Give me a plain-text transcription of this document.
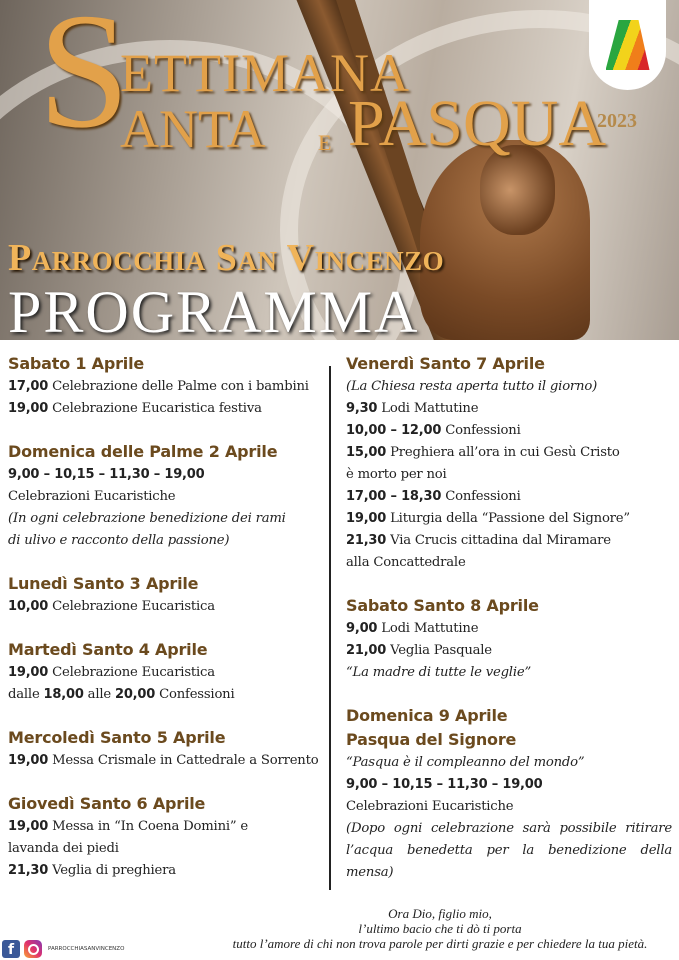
S
ETTIMANA
ANTA E PASQUA
2023
Parrocchia San Vincenzo
PROGRAMMA
Sabato 1 Aprile
17,00 Celebrazione delle Palme con i bambini
19,00 Celebrazione Eucaristica festiva
Domenica delle Palme 2 Aprile
9,00 – 10,15 – 11,30 – 19,00
Celebrazioni Eucaristiche
(In ogni celebrazione benedizione dei rami
di ulivo e racconto della passione)
Lunedì Santo 3 Aprile
10,00 Celebrazione Eucaristica
Martedì Santo 4 Aprile
19,00 Celebrazione Eucaristica
dalle 18,00 alle 20,00 Confessioni
Mercoledì Santo 5 Aprile
19,00 Messa Crismale in Cattedrale a Sorrento
Giovedì Santo 6 Aprile
19,00 Messa in “In Coena Domini” e
lavanda dei piedi
21,30 Veglia di preghiera
Venerdì Santo 7 Aprile
(La Chiesa resta aperta tutto il giorno)
9,30 Lodi Mattutine
10,00 – 12,00 Confessioni
15,00 Preghiera all’ora in cui Gesù Cristo
è morto per noi
17,00 – 18,30 Confessioni
19,00 Liturgia della “Passione del Signore”
21,30 Via Crucis cittadina dal Miramare
alla Concattedrale
Sabato Santo 8 Aprile
9,00 Lodi Mattutine
21,00 Veglia Pasquale
“La madre di tutte le veglie”
Domenica 9 Aprile
Pasqua del Signore
“Pasqua è il compleanno del mondo”
9,00 – 10,15 – 11,30 – 19,00
Celebrazioni Eucaristiche
(Dopo ogni celebrazione sarà possibile ritirare
l’acqua benedetta per la benedizione della
mensa)
Ora Dio, figlio mio,
l’ultimo bacio che ti dò ti porta
tutto l’amore di chi non trova parole per dirti grazie e per chiedere la tua pietà.
f	PARROCCHIASANVINCENZO
